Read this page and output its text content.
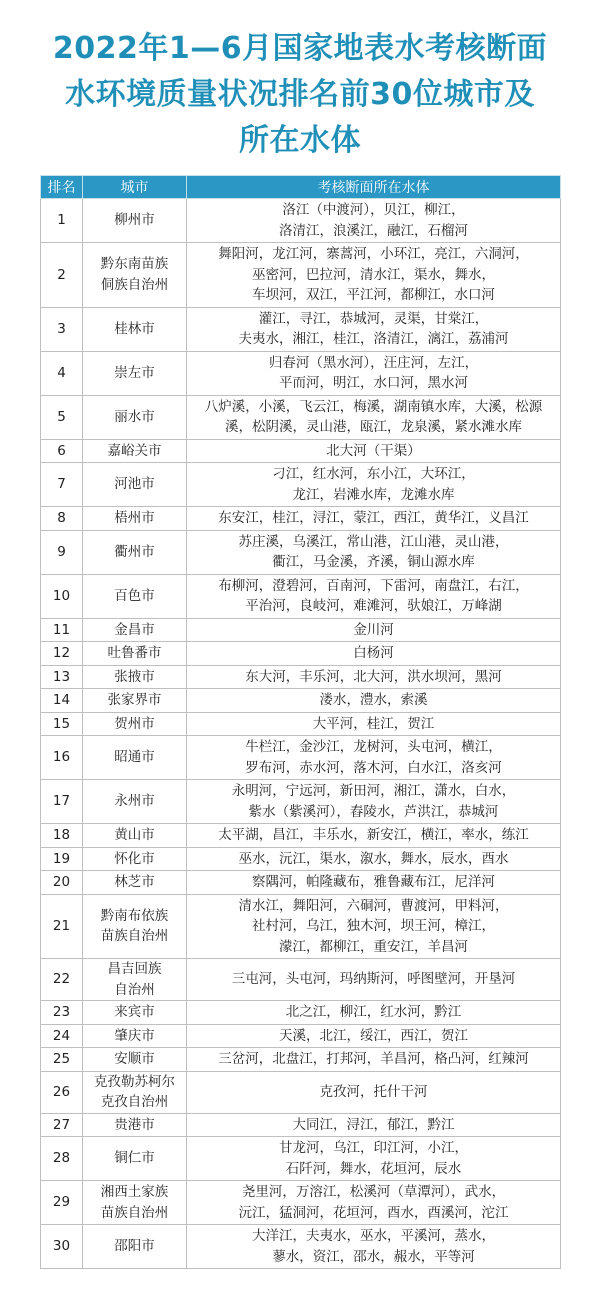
2022年1—6月国家地表水考核断面
水环境质量状况排名前30位城市及
所在水体
排名	城市	考核断面所在水体
1	柳州市	洛江（中渡河），贝江，柳江，
洛清江，浪溪江，融江，石榴河

2	黔东南苗族
侗族自治州	舞阳河，龙江河，寨蒿河，小环江，亮江，六洞河，
巫密河，巴拉河，清水江，渠水，舞水，
车坝河，双江，平江河，都柳江，水口河

3	桂林市	灌江，寻江，恭城河，灵渠，甘棠江，
夫夷水，湘江，桂江，洛清江，漓江，荔浦河

4	崇左市	归春河（黑水河），汪庄河，左江，
平而河，明江，水口河，黑水河

5	丽水市	八炉溪，小溪，飞云江，梅溪，湖南镇水库，大溪，松源
溪，松阴溪，灵山港，瓯江，龙泉溪，紧水滩水库

6	嘉峪关市	北大河（干渠）

7	河池市	刁江，红水河，东小江，大环江，
龙江，岩滩水库，龙滩水库

8	梧州市	东安江，桂江，浔江，蒙江，西江，黄华江，义昌江

9	衢州市	苏庄溪，乌溪江，常山港，江山港，灵山港，
衢江，马金溪，齐溪，铜山源水库

10	百色市	布柳河，澄碧河，百南河，下雷河，南盘江，右江，
平治河，良岐河，难滩河，驮娘江，万峰湖

11	金昌市	金川河

12	吐鲁番市	白杨河

13	张掖市	东大河，丰乐河，北大河，洪水坝河，黑河

14	张家界市	溇水，澧水，索溪

15	贺州市	大平河，桂江，贺江

16	昭通市	牛栏江，金沙江，龙树河，头屯河，横江，
罗布河，赤水河，落木河，白水江，洛亥河

17	永州市	永明河，宁远河，新田河，湘江，潇水，白水，
紫水（紫溪河），舂陵水，芦洪江，恭城河

18	黄山市	太平湖，昌江，丰乐水，新安江，横江，率水，练江

19	怀化市	巫水，沅江，渠水，溆水，舞水，辰水，酉水

20	林芝市	察隅河，帕隆藏布，雅鲁藏布江，尼洋河

21	黔南布依族
苗族自治州	清水江，舞阳河，六硐河，曹渡河，甲料河，
社村河，乌江，独木河，坝王河，樟江，
濛江，都柳江，重安江，羊昌河

22	昌吉回族
自治州	三屯河，头屯河，玛纳斯河，呼图壁河，开垦河

23	来宾市	北之江，柳江，红水河，黔江

24	肇庆市	天溪，北江，绥江，西江，贺江

25	安顺市	三岔河，北盘江，打邦河，羊昌河，格凸河，红辣河

26	克孜勒苏柯尔
克孜自治州	克孜河，托什干河

27	贵港市	大同江，浔江，郁江，黔江

28	铜仁市	甘龙河，乌江，印江河，小江，
石阡河，舞水，花垣河，辰水

29	湘西土家族
苗族自治州	尧里河，万溶江，松溪河（草潭河），武水，
沅江，猛洞河，花垣河，酉水，酉溪河，沱江

30	邵阳市	大洋江，夫夷水，巫水，平溪河，蒸水，
蓼水，资江，邵水，赧水，平等河
